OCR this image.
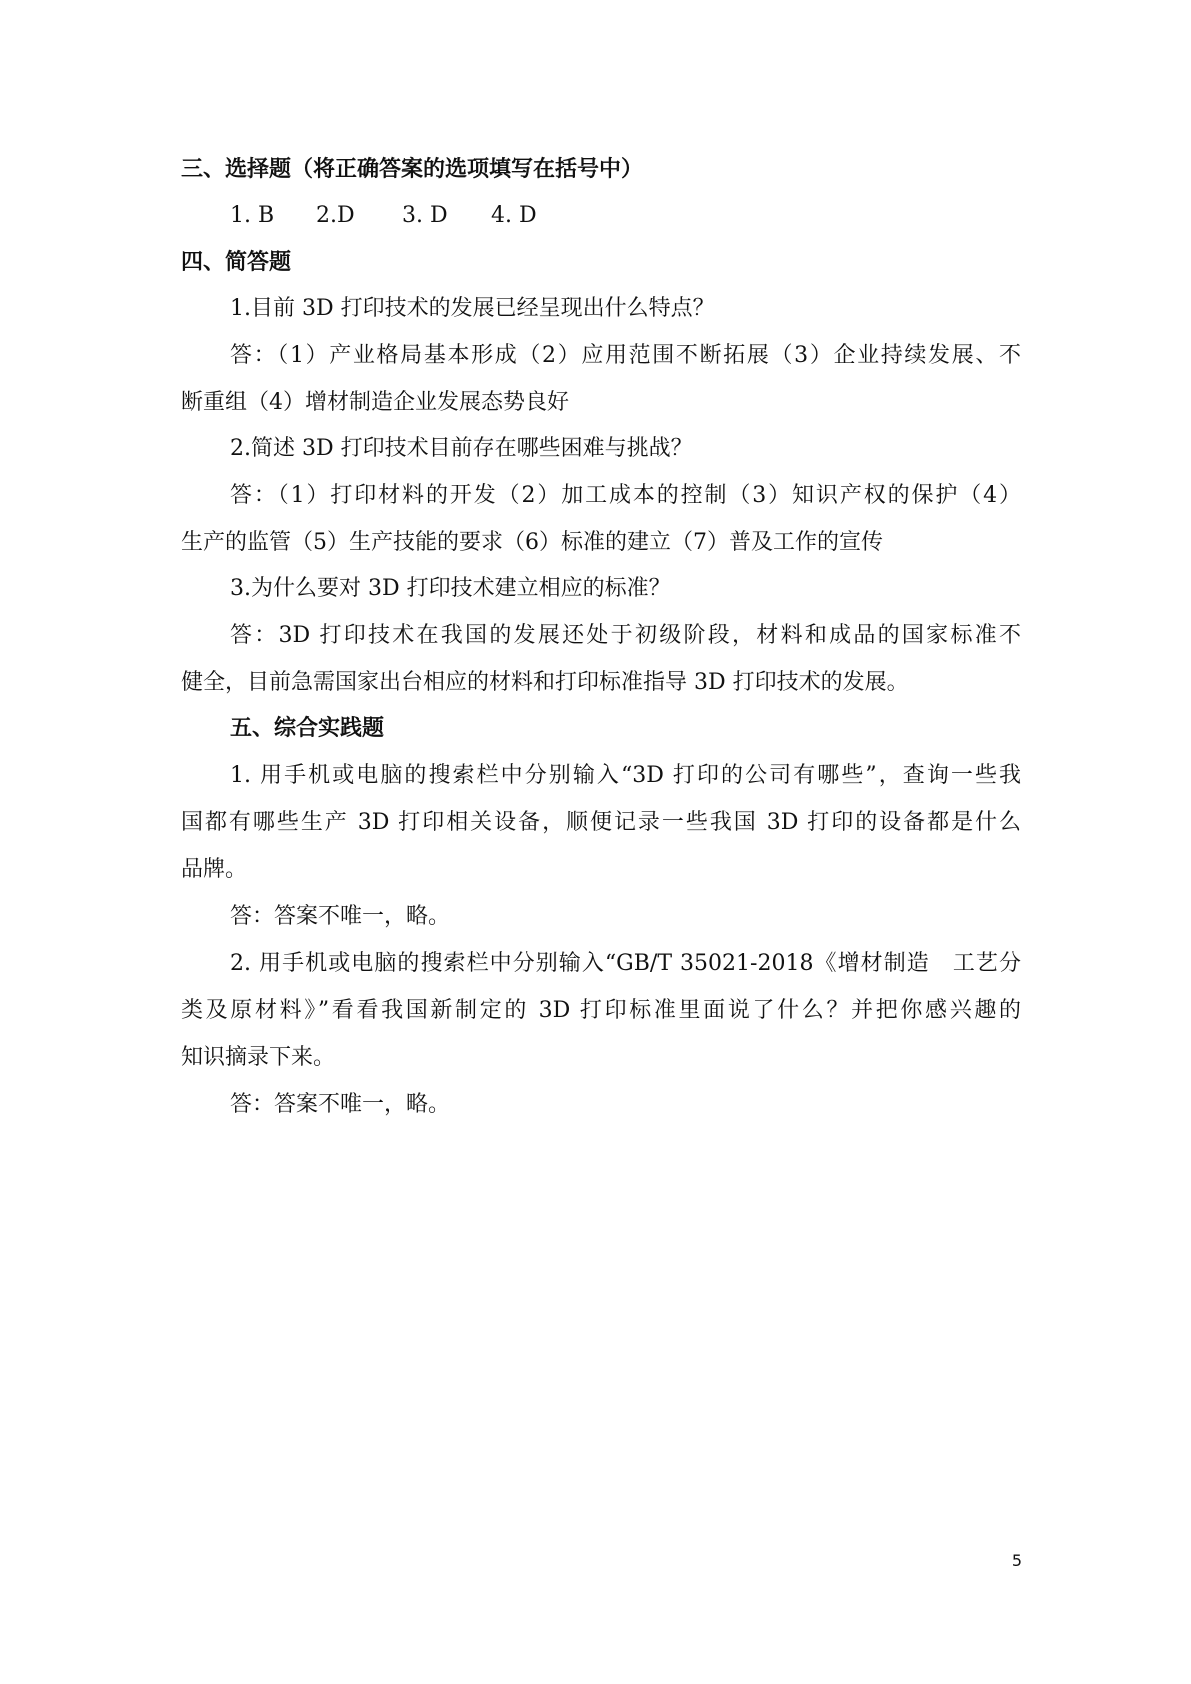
三、选择题（将正确答案的选项填写在括号中）
1. B 2.D 3. D 4. D
四、简答题
1.目前 3D 打印技术的发展已经呈现出什么特点？
答：（1）产业格局基本形成（2）应用范围不断拓展（3）企业持续发展、不
断重组（4）增材制造企业发展态势良好
2.简述 3D 打印技术目前存在哪些困难与挑战？
答：（1）打印材料的开发（2）加工成本的控制（3）知识产权的保护（4）
生产的监管（5）生产技能的要求（6）标准的建立（7）普及工作的宣传
3.为什么要对 3D 打印技术建立相应的标准？
答：3D 打印技术在我国的发展还处于初级阶段，材料和成品的国家标准不
健全，目前急需国家出台相应的材料和打印标准指导 3D 打印技术的发展。
五、综合实践题
1. 用手机或电脑的搜索栏中分别输入“3D 打印的公司有哪些”，查询一些我
国都有哪些生产 3D 打印相关设备，顺便记录一些我国 3D 打印的设备都是什么
品牌。
答：答案不唯一，略。
2. 用手机或电脑的搜索栏中分别输入“GB/T 35021-2018《增材制造　工艺分
类及原材料》”看看我国新制定的 3D 打印标准里面说了什么？并把你感兴趣的
知识摘录下来。
答：答案不唯一，略。
5
